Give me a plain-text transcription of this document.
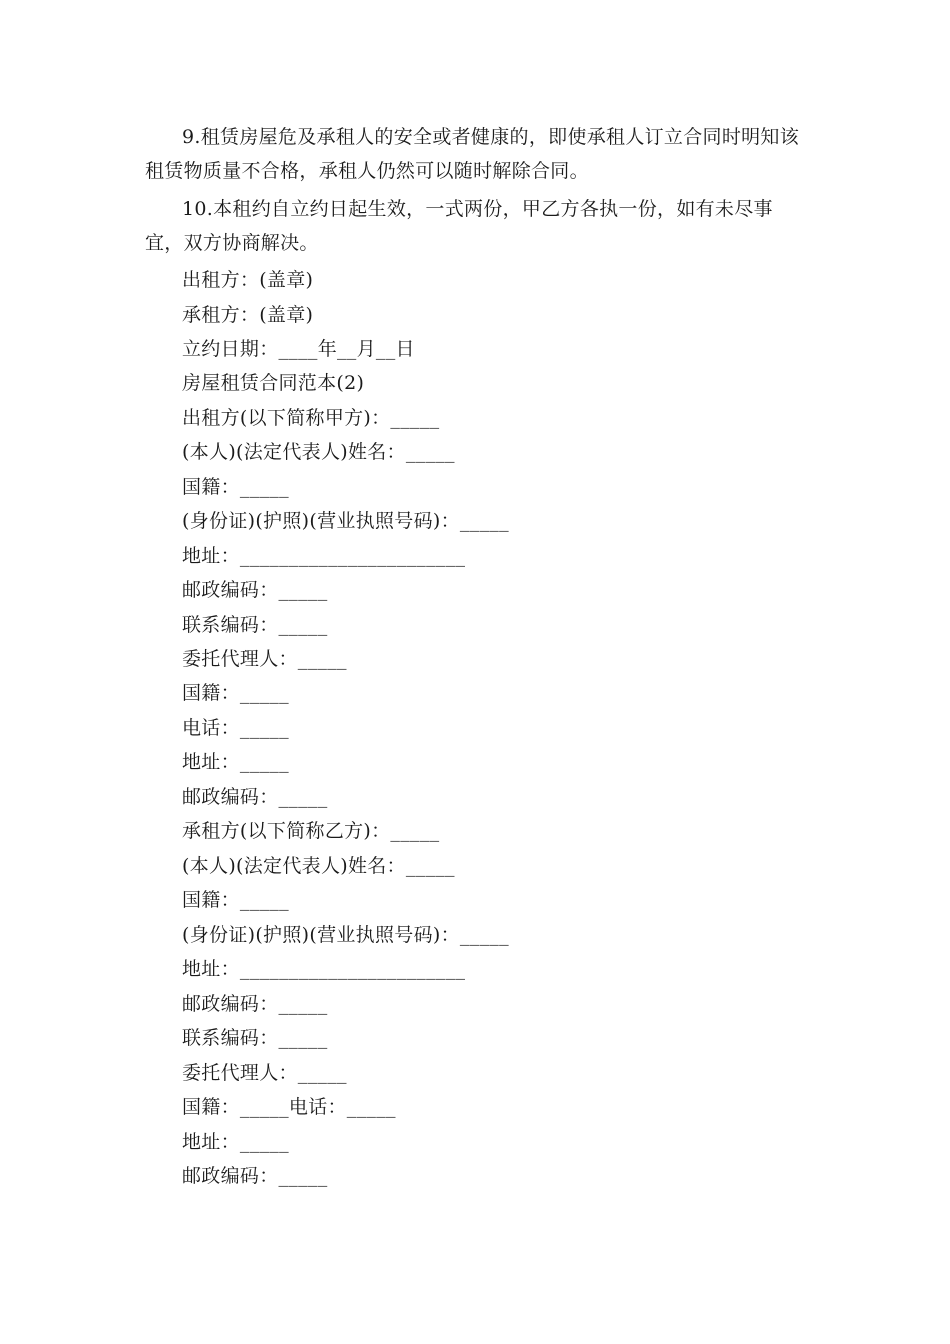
9.租赁房屋危及承租人的安全或者健康的，即使承租人订立合同时明知该租赁物质量不合格，承租人仍然可以随时解除合同。

10.本租约自立约日起生效，一式两份，甲乙方各执一份，如有未尽事宜，双方协商解决。

出租方：(盖章)
承租方：(盖章)
立约日期：____年__月__日
房屋租赁合同范本(2)
出租方(以下简称甲方)：_____
(本人)(法定代表人)姓名：_____
国籍：_____
(身份证)(护照)(营业执照号码)：_____
地址：_______________________
邮政编码：_____
联系编码：_____
委托代理人：_____
国籍：_____
电话：_____
地址：_____
邮政编码：_____
承租方(以下简称乙方)：_____
(本人)(法定代表人)姓名：_____
国籍：_____
(身份证)(护照)(营业执照号码)：_____
地址：_______________________
邮政编码：_____
联系编码：_____
委托代理人：_____
国籍：_____电话：_____
地址：_____
邮政编码：_____
